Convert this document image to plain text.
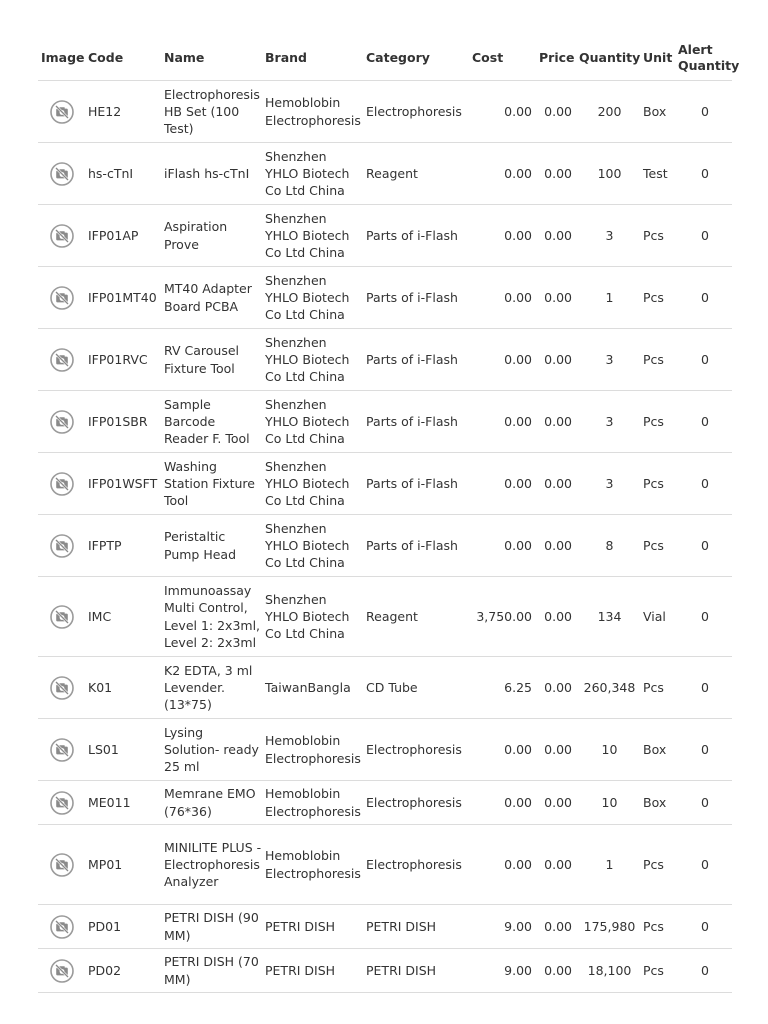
Image	Code	Name	Brand	Category	Cost	Price	Quantity	Unit	Alert
Quantity
	HE12	Electrophoresis HB Set (100 Test)	Hemoblobin Electrophoresis	Electrophoresis	0.00	0.00	200	Box	0
	hs-cTnI	iFlash hs-cTnI	Shenzhen YHLO Biotech Co Ltd China	Reagent	0.00	0.00	100	Test	0
	IFP01AP	Aspiration Prove	Shenzhen YHLO Biotech Co Ltd China	Parts of i-Flash	0.00	0.00	3	Pcs	0
	IFP01MT40	MT40 Adapter Board PCBA	Shenzhen YHLO Biotech Co Ltd China	Parts of i-Flash	0.00	0.00	1	Pcs	0
	IFP01RVC	RV Carousel Fixture Tool	Shenzhen YHLO Biotech Co Ltd China	Parts of i-Flash	0.00	0.00	3	Pcs	0
	IFP01SBR	Sample Barcode Reader F. Tool	Shenzhen YHLO Biotech Co Ltd China	Parts of i-Flash	0.00	0.00	3	Pcs	0
	IFP01WSFT	Washing Station Fixture Tool	Shenzhen YHLO Biotech Co Ltd China	Parts of i-Flash	0.00	0.00	3	Pcs	0
	IFPTP	Peristaltic Pump Head	Shenzhen YHLO Biotech Co Ltd China	Parts of i-Flash	0.00	0.00	8	Pcs	0
	IMC	Immunoassay Multi Control, Level 1: 2x3ml, Level 2: 2x3ml	Shenzhen YHLO Biotech Co Ltd China	Reagent	3,750.00	0.00	134	Vial	0
	K01	K2 EDTA, 3 ml Levender. (13*75)	TaiwanBangla	CD Tube	6.25	0.00	260,348	Pcs	0
	LS01	Lysing Solution- ready 25 ml	Hemoblobin Electrophoresis	Electrophoresis	0.00	0.00	10	Box	0
	ME011	Memrane EMO (76*36)	Hemoblobin Electrophoresis	Electrophoresis	0.00	0.00	10	Box	0
	MP01	MINILITE PLUS - Electrophoresis Analyzer	Hemoblobin Electrophoresis	Electrophoresis	0.00	0.00	1	Pcs	0
	PD01	PETRI DISH (90 MM)	PETRI DISH	PETRI DISH	9.00	0.00	175,980	Pcs	0
	PD02	PETRI DISH (70 MM)	PETRI DISH	PETRI DISH	9.00	0.00	18,100	Pcs	0
